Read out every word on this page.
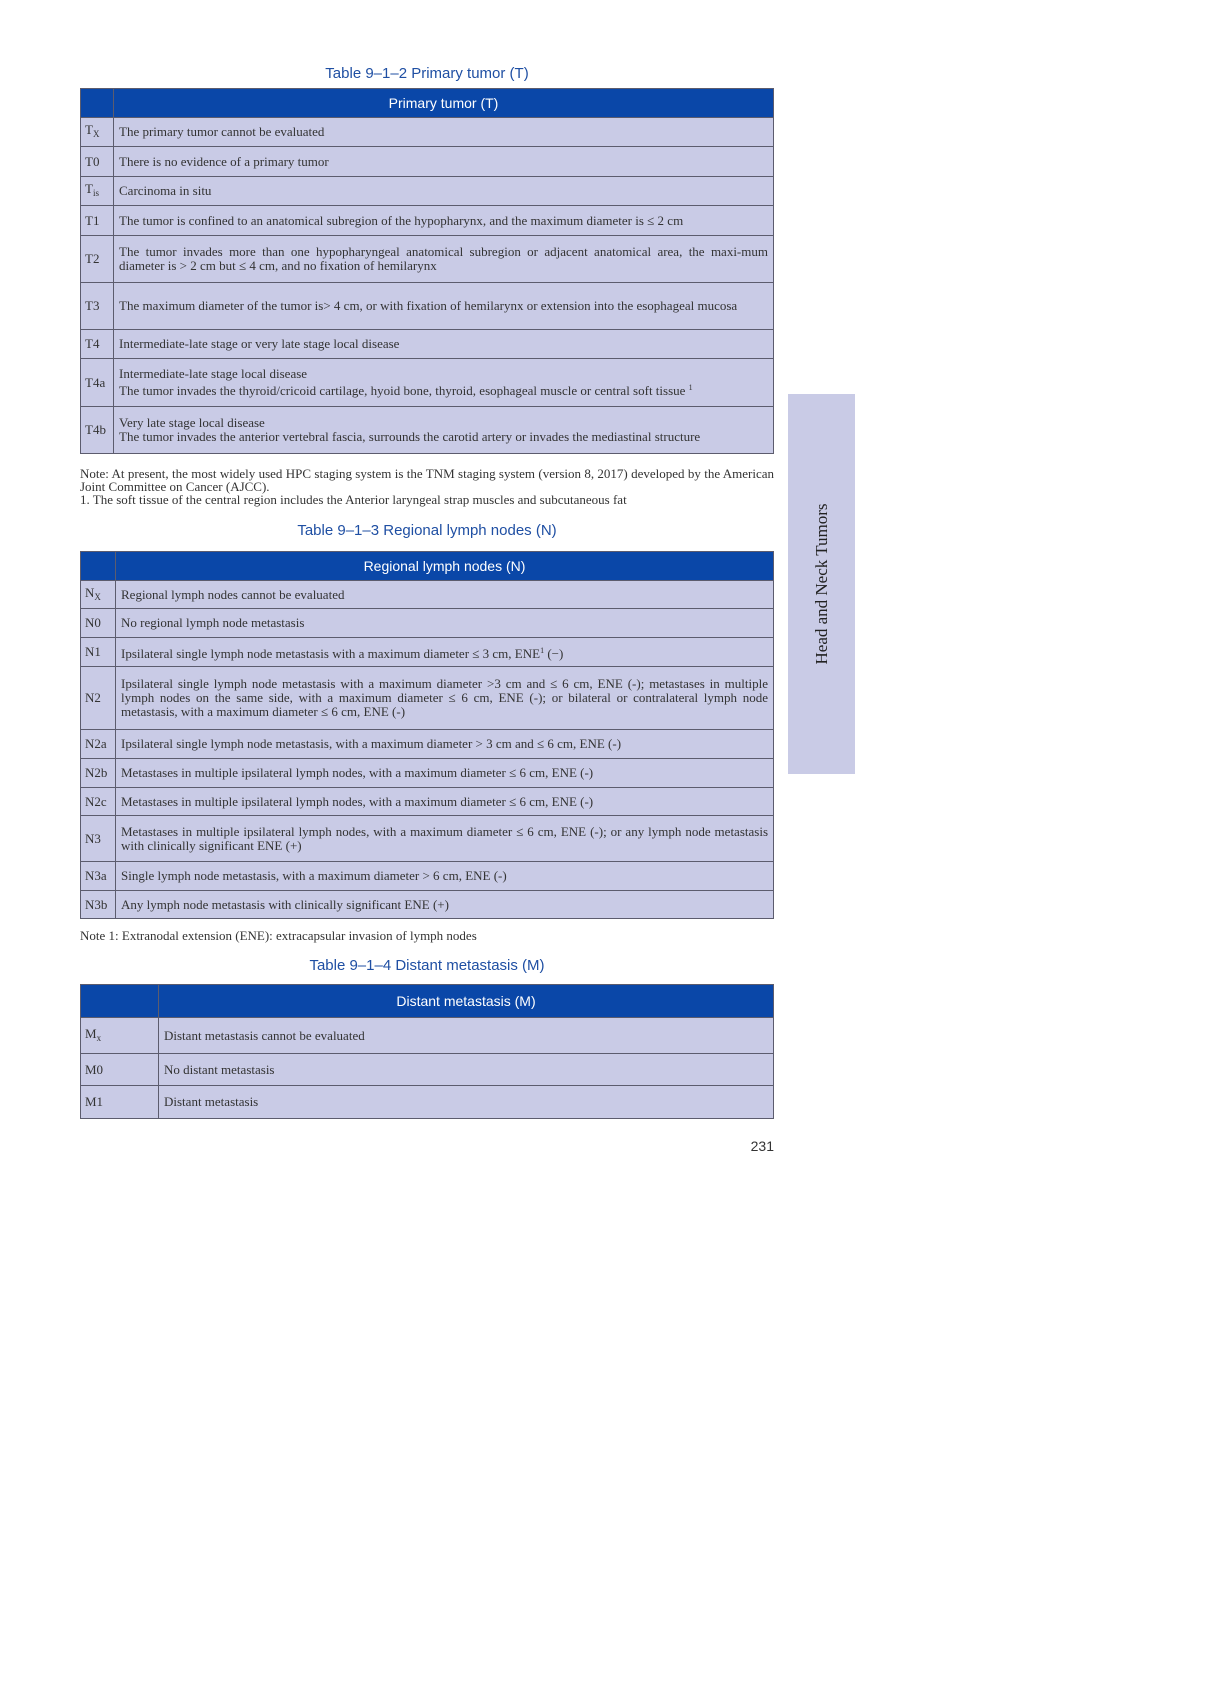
Table 9–1–2 Primary tumor (T)
	Primary tumor (T)
$T_X$	The primary tumor cannot be evaluated
T0	There is no evidence of a primary tumor
$T_{is}$	Carcinoma in situ
T1	The tumor is confined to an anatomical subregion of the hypopharynx, and the maximum diameter is ≤ 2 cm
T2	The tumor invades more than one hypopharyngeal anatomical subregion or adjacent anatomical area, the maxi-mum diameter is > 2 cm but ≤ 4 cm, and no fixation of hemilarynx
T3	The maximum diameter of the tumor is> 4 cm, or with fixation of hemilarynx or extension into the esophageal mucosa
T4	Intermediate-late stage or very late stage local disease
T4a	Intermediate-late stage local disease
The tumor invades the thyroid/cricoid cartilage, hyoid bone, thyroid, esophageal muscle or central soft tissue $^1$

T4b	Very late stage local disease
The tumor invades the anterior vertebral fascia, surrounds the carotid artery or invades the mediastinal structure
Note: At present, the most widely used HPC staging system is the TNM staging system (version 8, 2017) developed by the American Joint Committee on Cancer (AJCC).
1. The soft tissue of the central region includes the Anterior laryngeal strap muscles and subcutaneous fat
Table 9–1–3 Regional lymph nodes (N)
	Regional lymph nodes (N)
$N_X$	Regional lymph nodes cannot be evaluated
N0	No regional lymph node metastasis
N1	Ipsilateral single lymph node metastasis with a maximum diameter ≤ 3 cm, ENE$^1$ (−)
N2	Ipsilateral single lymph node metastasis with a maximum diameter >3 cm and ≤ 6 cm, ENE (-); metastases in multiple lymph nodes on the same side, with a maximum diameter ≤ 6 cm, ENE (-); or bilateral or contralateral lymph node metastasis, with a maximum diameter ≤ 6 cm, ENE (-)
N2a	Ipsilateral single lymph node metastasis, with a maximum diameter > 3 cm and ≤ 6 cm, ENE (-)
N2b	Metastases in multiple ipsilateral lymph nodes, with a maximum diameter ≤ 6 cm, ENE (-)
N2c	Metastases in multiple ipsilateral lymph nodes, with a maximum diameter ≤ 6 cm, ENE (-)
N3	Metastases in multiple ipsilateral lymph nodes, with a maximum diameter ≤ 6 cm, ENE (-); or any lymph node metastasis with clinically significant ENE (+)
N3a	Single lymph node metastasis, with a maximum diameter > 6 cm, ENE (-)
N3b	Any lymph node metastasis with clinically significant ENE (+)
Note 1: Extranodal extension (ENE): extracapsular invasion of lymph nodes
Table 9–1–4 Distant metastasis (M)
	Distant metastasis (M)
$M_x$	Distant metastasis cannot be evaluated
M0	No distant metastasis
M1	Distant metastasis
Head and Neck Tumors
231
